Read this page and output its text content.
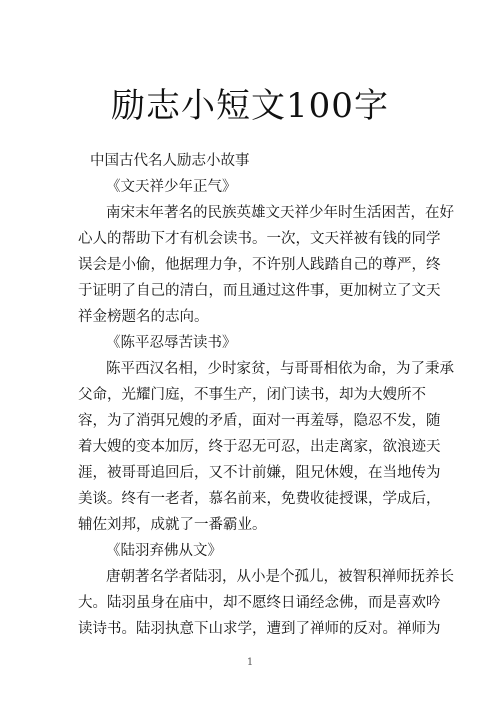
励志小短文100字
中国古代名人励志小故事
《文天祥少年正气》
南宋末年著名的民族英雄文天祥少年时生活困苦，在好
心人的帮助下才有机会读书。一次，文天祥被有钱的同学
误会是小偷，他据理力争，不许别人践踏自己的尊严，终
于证明了自己的清白，而且通过这件事，更加树立了文天
祥金榜题名的志向。
《陈平忍辱苦读书》
陈平西汉名相，少时家贫，与哥哥相依为命，为了秉承
父命，光耀门庭，不事生产，闭门读书，却为大嫂所不
容，为了消弭兄嫂的矛盾，面对一再羞辱，隐忍不发，随
着大嫂的变本加厉，终于忍无可忍，出走离家，欲浪迹天
涯，被哥哥追回后，又不计前嫌，阻兄休嫂，在当地传为
美谈。终有一老者，慕名前来，免费收徒授课，学成后，
辅佐刘邦，成就了一番霸业。
《陆羽弃佛从文》
唐朝著名学者陆羽，从小是个孤儿，被智积禅师抚养长
大。陆羽虽身在庙中，却不愿终日诵经念佛，而是喜欢吟
读诗书。陆羽执意下山求学，遭到了禅师的反对。禅师为
1
